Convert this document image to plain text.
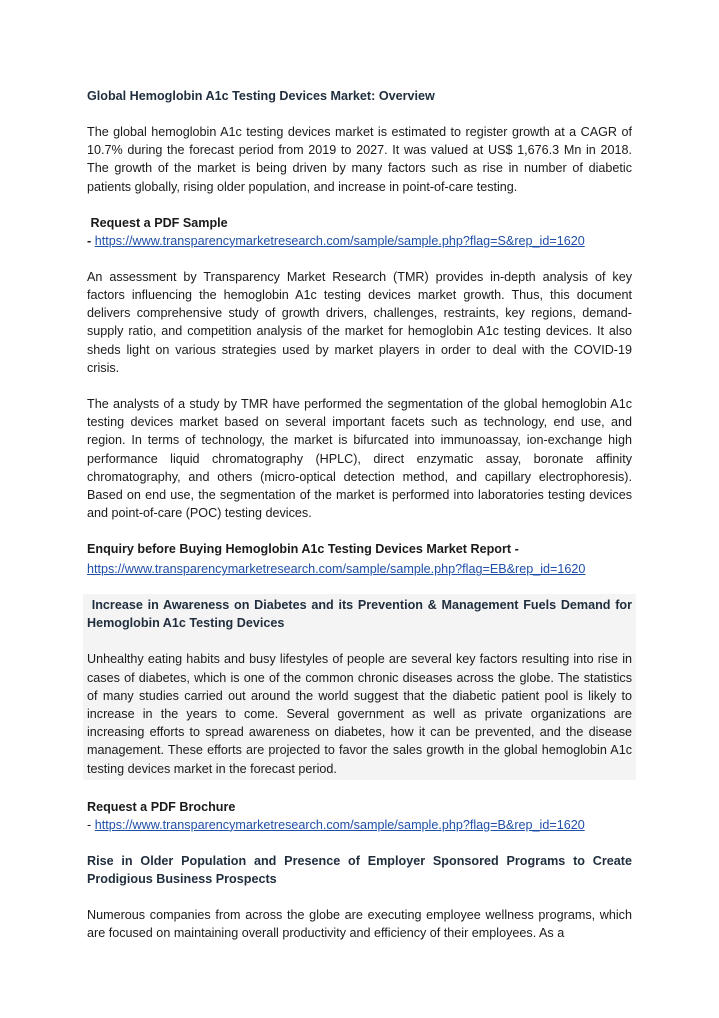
Global Hemoglobin A1c Testing Devices Market: Overview
The global hemoglobin A1c testing devices market is estimated to register growth at a CAGR of 10.7% during the forecast period from 2019 to 2027. It was valued at US$ 1,676.3 Mn in 2018. The growth of the market is being driven by many factors such as rise in number of diabetic patients globally, rising older population, and increase in point-of-care testing.
Request a PDF Sample
- https://www.transparencymarketresearch.com/sample/sample.php?flag=S&rep_id=1620
An assessment by Transparency Market Research (TMR) provides in-depth analysis of key factors influencing the hemoglobin A1c testing devices market growth. Thus, this document delivers comprehensive study of growth drivers, challenges, restraints, key regions, demand-supply ratio, and competition analysis of the market for hemoglobin A1c testing devices. It also sheds light on various strategies used by market players in order to deal with the COVID-19 crisis.
The analysts of a study by TMR have performed the segmentation of the global hemoglobin A1c testing devices market based on several important facets such as technology, end use, and region. In terms of technology, the market is bifurcated into immunoassay, ion-exchange high performance liquid chromatography (HPLC), direct enzymatic assay, boronate affinity chromatography, and others (micro-optical detection method, and capillary electrophoresis). Based on end use, the segmentation of the market is performed into laboratories testing devices and point-of-care (POC) testing devices.
Enquiry before Buying Hemoglobin A1c Testing Devices Market Report -
https://www.transparencymarketresearch.com/sample/sample.php?flag=EB&rep_id=1620
Increase in Awareness on Diabetes and its Prevention & Management Fuels Demand for Hemoglobin A1c Testing Devices
Unhealthy eating habits and busy lifestyles of people are several key factors resulting into rise in cases of diabetes, which is one of the common chronic diseases across the globe. The statistics of many studies carried out around the world suggest that the diabetic patient pool is likely to increase in the years to come. Several government as well as private organizations are increasing efforts to spread awareness on diabetes, how it can be prevented, and the disease management. These efforts are projected to favor the sales growth in the global hemoglobin A1c testing devices market in the forecast period.
Request a PDF Brochure
- https://www.transparencymarketresearch.com/sample/sample.php?flag=B&rep_id=1620
Rise in Older Population and Presence of Employer Sponsored Programs to Create Prodigious Business Prospects
Numerous companies from across the globe are executing employee wellness programs, which are focused on maintaining overall productivity and efficiency of their employees. As a
